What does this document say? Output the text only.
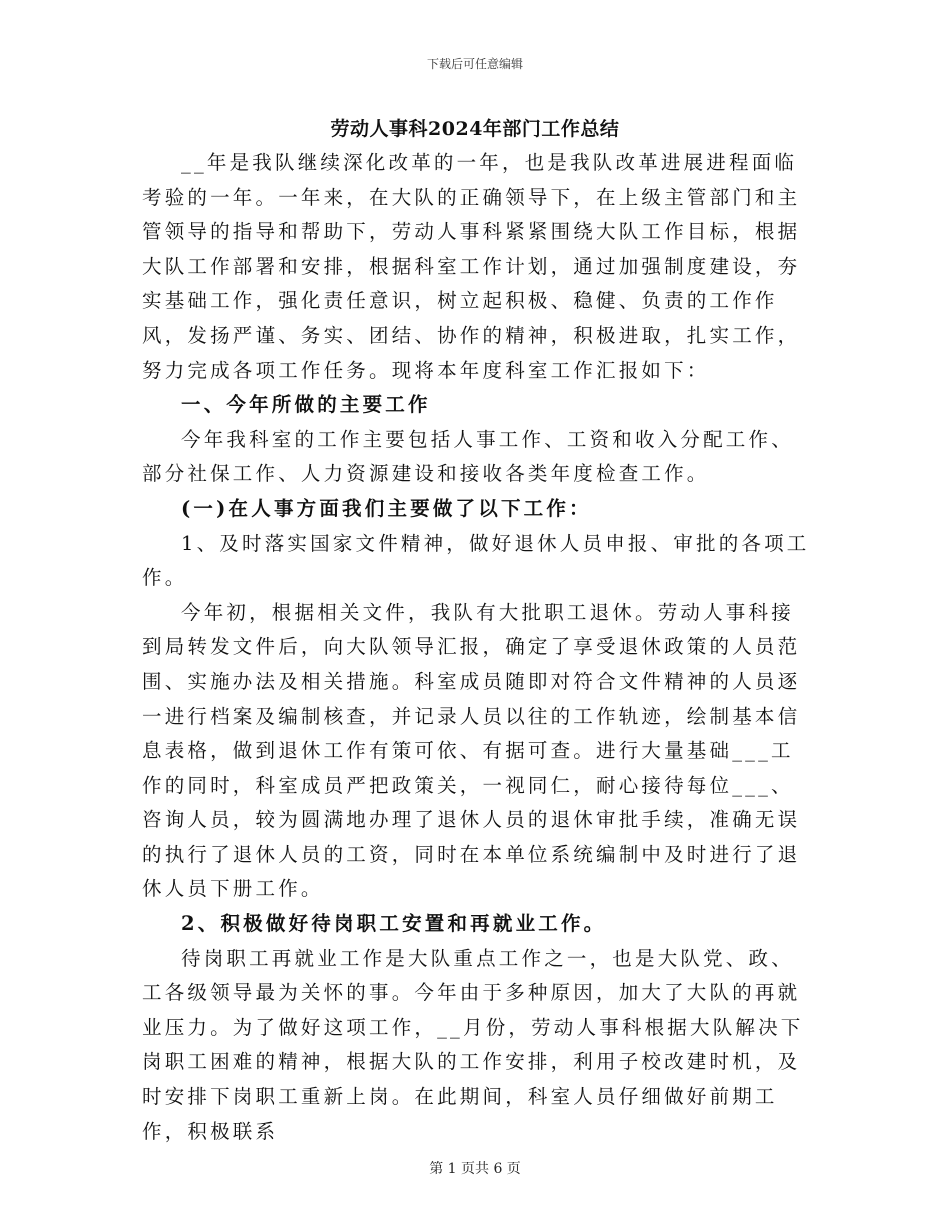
下载后可任意编辑
劳动人事科2024年部门工作总结

__年是我队继续深化改革的一年，也是我队改革进展进程面临考验的一年。一年来，在大队的正确领导下，在上级主管部门和主管领导的指导和帮助下，劳动人事科紧紧围绕大队工作目标，根据大队工作部署和安排，根据科室工作计划，通过加强制度建设，夯实基础工作，强化责任意识，树立起积极、稳健、负责的工作作风，发扬严谨、务实、团结、协作的精神，积极进取，扎实工作，努力完成各项工作任务。现将本年度科室工作汇报如下：

一、今年所做的主要工作

今年我科室的工作主要包括人事工作、工资和收入分配工作、部分社保工作、人力资源建设和接收各类年度检查工作。

(一)在人事方面我们主要做了以下工作：

1、及时落实国家文件精神，做好退休人员申报、审批的各项工作。

今年初，根据相关文件，我队有大批职工退休。劳动人事科接到局转发文件后，向大队领导汇报，确定了享受退休政策的人员范围、实施办法及相关措施。科室成员随即对符合文件精神的人员逐一进行档案及编制核查，并记录人员以往的工作轨迹，绘制基本信息表格，做到退休工作有策可依、有据可查。进行大量基础___工作的同时，科室成员严把政策关，一视同仁，耐心接待每位___、咨询人员，较为圆满地办理了退休人员的退休审批手续，准确无误的执行了退休人员的工资，同时在本单位系统编制中及时进行了退休人员下册工作。

2、积极做好待岗职工安置和再就业工作。

待岗职工再就业工作是大队重点工作之一，也是大队党、政、工各级领导最为关怀的事。今年由于多种原因，加大了大队的再就业压力。为了做好这项工作，__月份，劳动人事科根据大队解决下岗职工困难的精神，根据大队的工作安排，利用子校改建时机，及时安排下岗职工重新上岗。在此期间，科室人员仔细做好前期工作，积极联系

第 1 页共 6 页
